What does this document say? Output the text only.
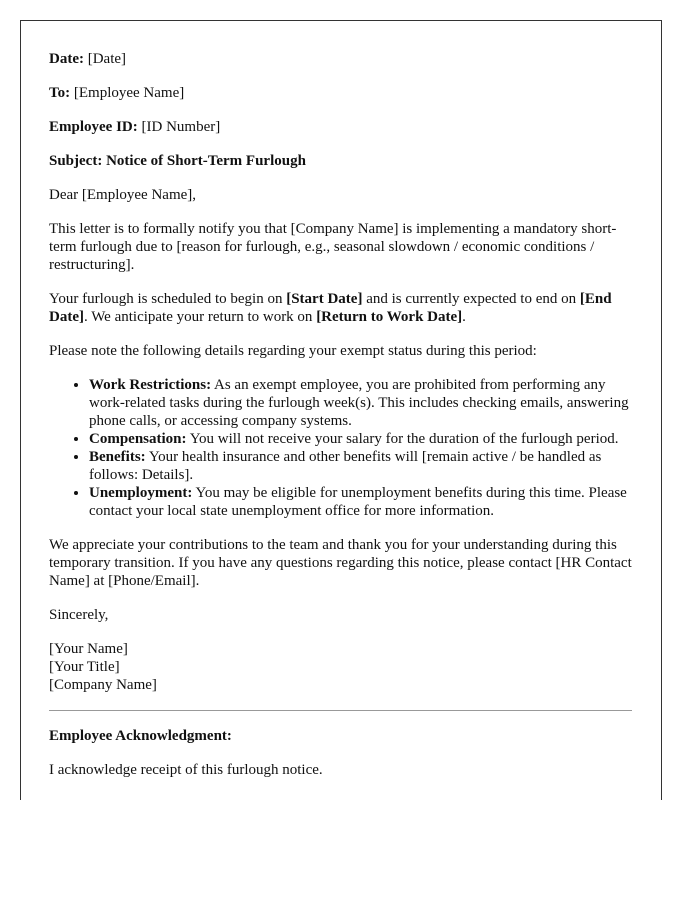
Date: [Date]

To: [Employee Name]

Employee ID: [ID Number]

Subject: Notice of Short-Term Furlough

Dear [Employee Name],

This letter is to formally notify you that [Company Name] is implementing a mandatory short-term furlough due to [reason for furlough, e.g., seasonal slowdown / economic conditions / restructuring].

Your furlough is scheduled to begin on [Start Date] and is currently expected to end on [End Date]. We anticipate your return to work on [Return to Work Date].

Please note the following details regarding your exempt status during this period:

• Work Restrictions: As an exempt employee, you are prohibited from performing any work-related tasks during the furlough week(s). This includes checking emails, answering phone calls, or accessing company systems.
• Compensation: You will not receive your salary for the duration of the furlough period.
• Benefits: Your health insurance and other benefits will [remain active / be handled as follows: Details].
• Unemployment: You may be eligible for unemployment benefits during this time. Please contact your local state unemployment office for more information.

We appreciate your contributions to the team and thank you for your understanding during this temporary transition. If you have any questions regarding this notice, please contact [HR Contact Name] at [Phone/Email].

Sincerely,

[Your Name]

[Your Title]

[Company Name]

Employee Acknowledgment:

I acknowledge receipt of this furlough notice.
